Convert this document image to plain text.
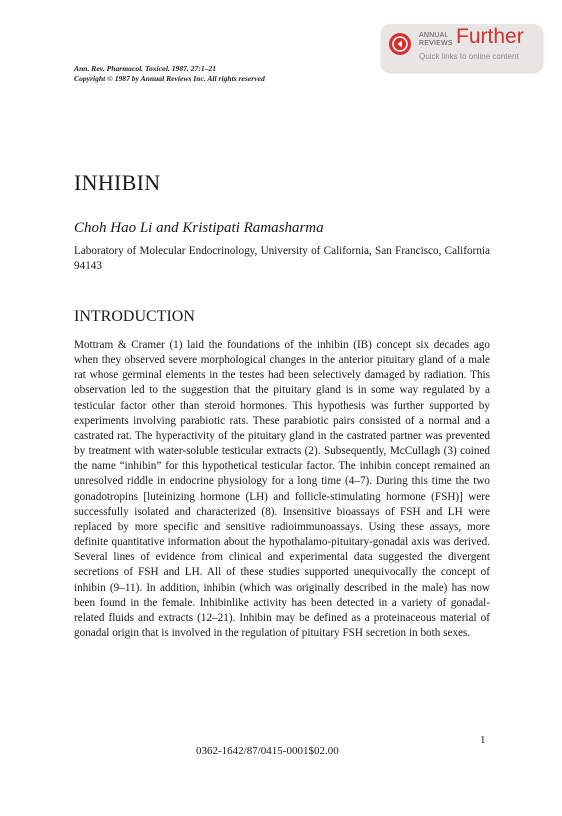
Ann. Rev. Pharmacol. Toxicol. 1987. 27:1–21
Copyright © 1987 by Annual Reviews Inc. All rights reserved
ANNUAL
REVIEWS Further
Quick links to online content
INHIBIN
Choh Hao Li and Kristipati Ramasharma
Laboratory of Molecular Endocrinology, University of California, San Francisco, California 94143
INTRODUCTION

Mottram & Cramer (1) laid the foundations of the inhibin (IB) concept six decades ago when they observed severe morphological changes in the anterior pituitary gland of a male rat whose germinal elements in the testes had been selectively damaged by radiation. This observation led to the suggestion that the pituitary gland is in some way regulated by a testicular factor other than steroid hormones. This hypothesis was further supported by experiments involving parabiotic rats. These parabiotic pairs consisted of a normal and a castrated rat. The hyperactivity of the pituitary gland in the castrated partner was prevented by treatment with water-soluble testicular extracts (2). Subsequently, McCullagh (3) coined the name “inhibin” for this hypothetical testicular factor. The inhibin concept remained an unresolved riddle in endocrine physiology for a long time (4–7). During this time the two gonadotropins [luteinizing hormone (LH) and follicle-stimulating hormone (FSH)] were successfully isolated and characterized (8). Insensitive bioassays of FSH and LH were replaced by more specific and sensitive radioimmunoassays. Using these assays, more definite quantitative information about the hypothalamo-pituitary-gonadal axis was derived. Several lines of evidence from clinical and experimental data suggested the divergent secretions of FSH and LH. All of these studies supported unequivocally the concept of inhibin (9–11). In addition, inhibin (which was originally described in the male) has now been found in the female. Inhibinlike activity has been detected in a variety of gonadal-related fluids and extracts (12–21). Inhibin may be defined as a proteinaceous material of gonadal origin that is involved in the regulation of pituitary FSH secretion in both sexes.

1
0362-1642/87/0415-0001$02.00
